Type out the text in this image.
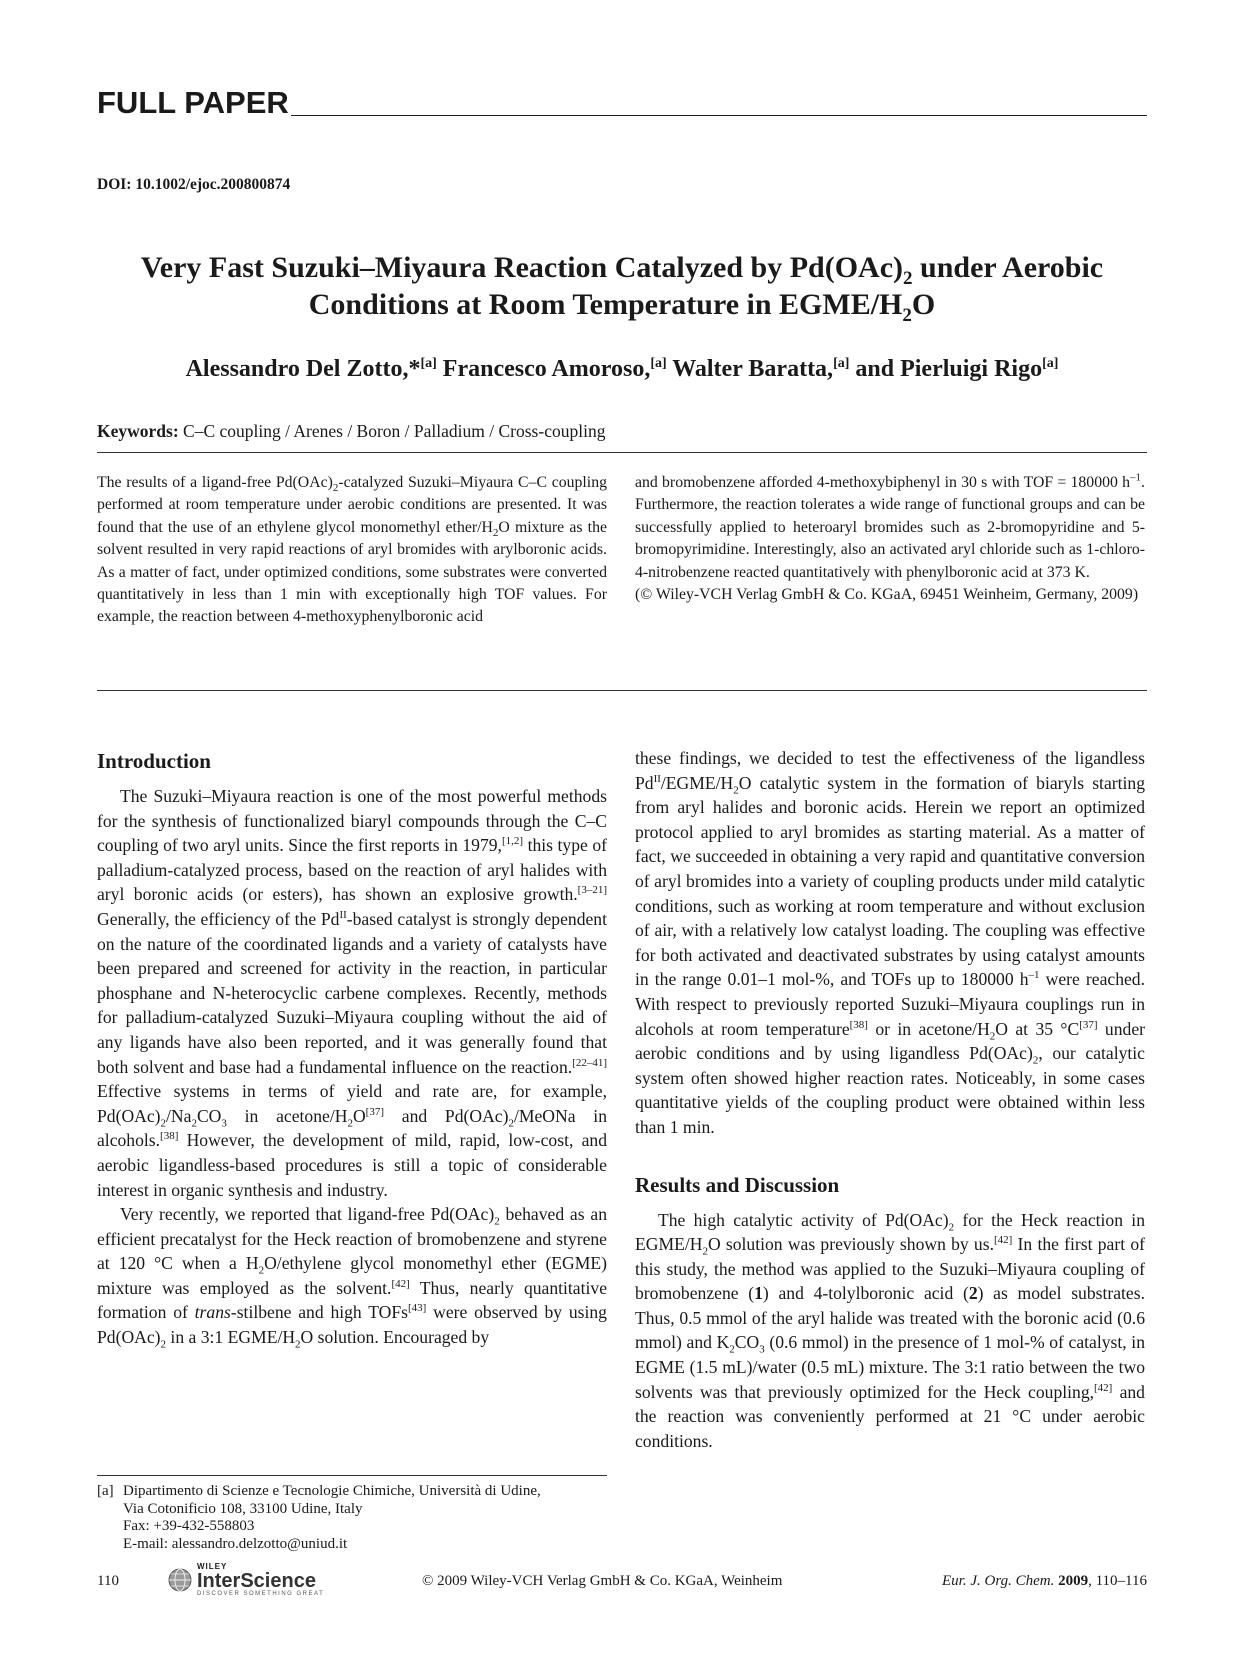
FULL PAPER
DOI: 10.1002/ejoc.200800874
Very Fast Suzuki–Miyaura Reaction Catalyzed by $Pd(OAc)_2$ under Aerobic
Conditions at Room Temperature in EGME/$H_2O$
Alessandro Del Zotto,*[a] Francesco Amoroso,[a] Walter Baratta,[a] and Pierluigi Rigo[a]
Keywords: C–C coupling / Arenes / Boron / Palladium / Cross-coupling

The results of a ligand-free $Pd(OAc)_2$-catalyzed Suzuki–Miyaura C–C coupling performed at room temperature under aerobic conditions are presented. It was found that the use of an ethylene glycol monomethyl ether/$H_2O$ mixture as the solvent resulted in very rapid reactions of aryl bromides with arylboronic acids. As a matter of fact, under optimized conditions, some substrates were converted quantitatively in less than 1 min with exceptionally high TOF values. For example, the reaction between 4-methoxyphenylboronic acid

and bromobenzene afforded 4-methoxybiphenyl in 30 s with TOF = 180000 h$^{-1}$. Furthermore, the reaction tolerates a wide range of functional groups and can be successfully applied to heteroaryl bromides such as 2-bromopyridine and 5-bromopyrimidine. Interestingly, also an activated aryl chloride such as 1-chloro-4-nitrobenzene reacted quantitatively with phenylboronic acid at 373 K.

(© Wiley-VCH Verlag GmbH & Co. KGaA, 69451 Weinheim, Germany, 2009)

Introduction

The Suzuki–Miyaura reaction is one of the most powerful methods for the synthesis of functionalized biaryl compounds through the C–C coupling of two aryl units. Since the first reports in 1979,[1,2] this type of palladium-catalyzed process, based on the reaction of aryl halides with aryl boronic acids (or esters), has shown an explosive growth.[3–21] Generally, the efficiency of the Pd$^{II}$-based catalyst is strongly dependent on the nature of the coordinated ligands and a variety of catalysts have been prepared and screened for activity in the reaction, in particular phosphane and N-heterocyclic carbene complexes. Recently, methods for palladium-catalyzed Suzuki–Miyaura coupling without the aid of any ligands have also been reported, and it was generally found that both solvent and base had a fundamental influence on the reaction.[22–41] Effective systems in terms of yield and rate are, for example, $Pd(OAc)_2/Na_2CO_3$ in acetone/$H_2O[37]$ and $Pd(OAc)_2$/MeONa in alcohols.[38] However, the development of mild, rapid, low-cost, and aerobic ligandless-based procedures is still a topic of considerable interest in organic synthesis and industry.

Very recently, we reported that ligand-free $Pd(OAc)_2$ behaved as an efficient precatalyst for the Heck reaction of bromobenzene and styrene at 120 °C when a $H_2O$/ethylene glycol monomethyl ether (EGME) mixture was employed as the solvent.[42] Thus, nearly quantitative formation of trans-stilbene and high TOFs[43] were observed by using $Pd(OAc)_2$ in a 3:1 EGME/$H_2O$ solution. Encouraged by

these findings, we decided to test the effectiveness of the ligandless $Pd^{II}/EGME/H_2O$ catalytic system in the formation of biaryls starting from aryl halides and boronic acids. Herein we report an optimized protocol applied to aryl bromides as starting material. As a matter of fact, we succeeded in obtaining a very rapid and quantitative conversion of aryl bromides into a variety of coupling products under mild catalytic conditions, such as working at room temperature and without exclusion of air, with a relatively low catalyst loading. The coupling was effective for both activated and deactivated substrates by using catalyst amounts in the range 0.01–1 mol-%, and TOFs up to 180000 h$^{-1}$ were reached. With respect to previously reported Suzuki–Miyaura couplings run in alcohols at room temperature[38] or in acetone/$H_2O$ at 35 °C[37] under aerobic conditions and by using ligandless $Pd(OAc)_2$, our catalytic system often showed higher reaction rates. Noticeably, in some cases quantitative yields of the coupling product were obtained within less than 1 min.

Results and Discussion

The high catalytic activity of $Pd(OAc)_2$ for the Heck reaction in EGME/$H_2O$ solution was previously shown by us.[42] In the first part of this study, the method was applied to the Suzuki–Miyaura coupling of bromobenzene (1) and 4-tolylboronic acid (2) as model substrates. Thus, 0.5 mmol of the aryl halide was treated with the boronic acid (0.6 mmol) and $K_2CO_3$ (0.6 mmol) in the presence of 1 mol-% of catalyst, in EGME (1.5 mL)/water (0.5 mL) mixture. The 3:1 ratio between the two solvents was that previously optimized for the Heck coupling,[42] and the reaction was conveniently performed at 21 °C under aerobic conditions.

[a] Dipartimento di Scienze e Tecnologie Chimiche, Università di Udine,
Via Cotonificio 108, 33100 Udine, Italy
Fax: +39-432-558803
E-mail: alessandro.delzotto@uniud.it
110
WILEY
InterScience
DISCOVER SOMETHING GREAT
© 2009 Wiley-VCH Verlag GmbH & Co. KGaA, Weinheim	Eur. J. Org. Chem. 2009, 110–116
